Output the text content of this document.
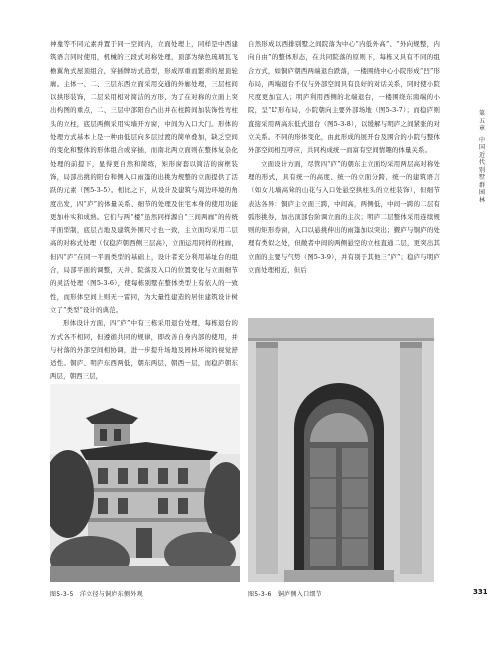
神龛等不同元素并置于同一空间内，立面处理上，同样是中西建筑语言同时使用，机械的三段式对称处理，顶部为绿色琉璃瓦飞檐翼角式屋顶组合，穿插牌坊式造型，形成厚重而繁琐的屋顶轮廓。主体一、二、三层东西立面采用交通的外廊处理，三层柱间以拱形装饰，二层采用相对简洁的方形，为了在对称的立面上突出构图的重点，二、三层中部阳台凸出并在柱跨间加装饰性弯柱头的立柱，底层两侧采用实墙开方窗，中间为入口大门。形体的处理方式基本上是一种由低层向多层过渡的简单叠加，缺乏空间的变化和整体的形体组合或穿插，而南北两立面则在整体复杂化处理的前提下，显得更自然和简练，矩形窗套以简洁的窗框装饰，局部出挑的阳台和侧入口雨篷的出挑为规整的立面提供了活跃的元素（图5-3-5）。相比之下，从设计及建筑与周边环境的角度出发，四“庐”的体量关系、细节的处理及住宅本身的使用功能更加朴实和成熟。它们与两“楼”虽然同样源自“三间两廊”的传统平面型制，底层占地及建筑外围尺寸也一致，主立面均采用二层高的对称式处理（仅稳庐朝西侧三层高），立面运用同样的柱廊，但四“庐”在同一平面类型的基础上，设计者充分利用基址台的组合，局部平面的调整，天井、院落及入口的位置变化与立面细节的灵活处理（图5-3-6），使每栋别墅在整体类型上有依人的一致性，而形体空间上则无一雷同，为大量性建造的居住建筑设计树立了“类型”设计的典范。

形体设计方面，四“庐”中有三栋采用退台处理，每栋退台的方式各不相同，但遵循共同的规律，即改善自身内部的使用，并与村落的外部空间相协调，进一步提升场地及园林环境的视觉舒适性。铜庐、明庐东西两低，朝东两层，朝西一层，而稳庐朝东两层，朝西三层，

自然形成以西排别墅之间院落为中心“内低外高”、“外向规整，内向自由”的整体形态，在共同院落的原则下，每栋又具有不同的组合方式，如铜庐朝西两端退台跌落，一楼围绕中心小院形成“凹”形布局，两端退台不仅与外部空间具有良好的对话关系，同时使小院尺度更加宜人；明庐利用西侧的北端退台，一楼围绕东南端的小院，呈“L”形布局，小院朝向主要外部场地（图5-3-7）；而稳庐则直接采用两高东低式退台（图5-3-8），以缓解与明庐之间紧张的对立关系。不同的形体变化，由此形成的展开台及围合的小院与整体外部空间相互呼应，共同构成统一而富有空间情趣的体量关系。

立面设计方面，尽管四“庐”的朝东主立面均采用两层高对称处理的形式，具有统一的高度、统一的立面分跨、统一的建筑语言（如女儿墙高耸的山花与入口处悬空拱柱头的立柱装饰），但细节表达各异：铜庐主立面三跨，中间高，两侧低，中间一跨的二层有弧形挑券，加出顶部台阶调立面的主次；明庐二层整体采用连续规则的矩形券窗，入口以悬挑伸出的雨篷加以突出；觐庐与铜庐的处理有类似之处，但敞者中间的两侧悬空的立柱直通二层，更突出其立面的主要与气势（图5-3-9），并有别于其他三“庐”；稳庐与明庐立面处理相近，但后

图5-3-5　洋立径与铜庐东侧外观	图5-3-6　铜庐侧入口细节
第
五
章
中
国
近
代
别
墅
群
园
林
331
